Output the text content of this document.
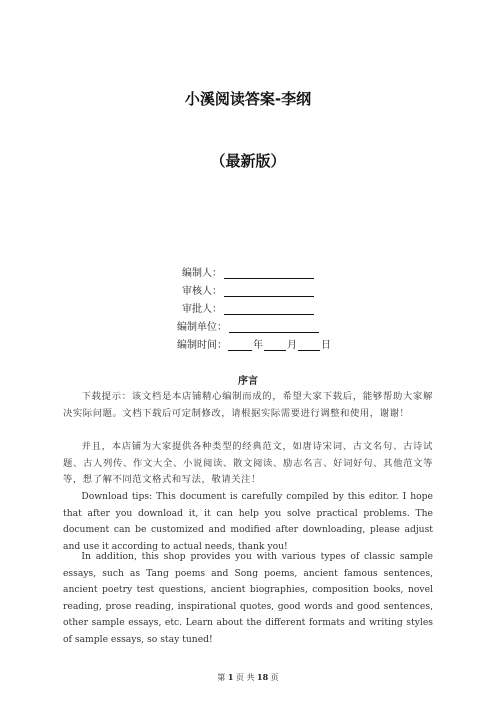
小溪阅读答案-李纲
（最新版）
编制人：
审核人：
审批人：
编制单位：
编制时间：	年 月 日
序言

下载提示：该文档是本店铺精心编制而成的，希望大家下载后，能够帮助大家解决实际问题。文档下载后可定制修改，请根据实际需要进行调整和使用，谢谢！

并且，本店铺为大家提供各种类型的经典范文，如唐诗宋词、古文名句、古诗试题、古人列传、作文大全、小说阅读、散文阅读、励志名言、好词好句、其他范文等等，想了解不同范文格式和写法，敬请关注！

Download tips: This document is carefully compiled by this editor. I hope that after you download it, it can help you solve practical problems. The document can be customized and modified after downloading, please adjust and use it according to actual needs, thank you!

In addition, this shop provides you with various types of classic sample essays, such as Tang poems and Song poems, ancient famous sentences, ancient poetry test questions, ancient biographies, composition books, novel reading, prose reading, inspirational quotes, good words and good sentences, other sample essays, etc. Learn about the different formats and writing styles of sample essays, so stay tuned!

第 1 页 共 18 页
